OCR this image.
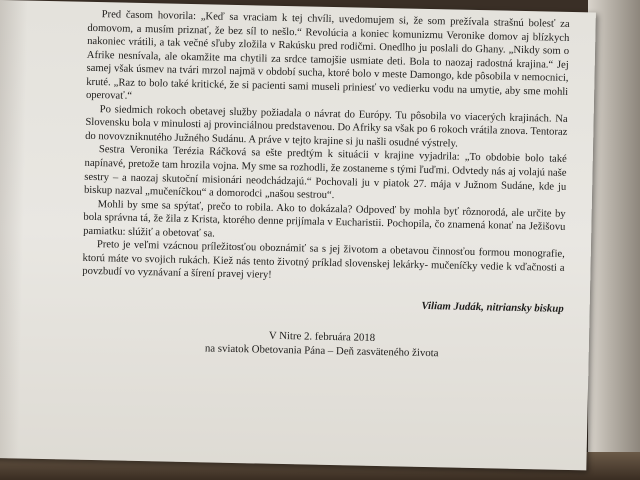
Pred časom hovorila: „Keď sa vraciam k tej chvíli, uvedomujem si, že som prežívala strašnú bolesť za domovom, a musím priznať, že bez síl to nešlo.“ Revolúcia a koniec komunizmu Veronike domov aj blízkych nakoniec vrátili, a tak večné sľuby zložila v Rakúsku pred rodičmi. Onedlho ju poslali do Ghany. „Nikdy som o Afrike nesnívala, ale okamžite ma chytili za srdce tamojšie usmiate deti. Bola to naozaj radostná krajina.“ Jej samej však úsmev na tvári mrzol najmä v období sucha, ktoré bolo v meste Damongo, kde pôsobila v nemocnici, kruté. „Raz to bolo také kritické, že si pacienti sami museli priniesť vo vedierku vodu na umytie, aby sme mohli operovať.“

Po siedmich rokoch obetavej služby požiadala o návrat do Európy. Tu pôsobila vo viacerých krajinách. Na Slovensku bola v minulosti aj provinciálnou predstavenou. Do Afriky sa však po 6 rokoch vrátila znova. Tentoraz do novovzniknutého Južného Sudánu. A práve v tejto krajine si ju našli osudné výstrely.

Sestra Veronika Terézia Ráčková sa ešte predtým k situácii v krajine vyjadrila: „To obdobie bolo také napínavé, pretože tam hrozila vojna. My sme sa rozhodli, že zostaneme s tými ľuďmi. Odvtedy nás aj volajú naše sestry – a naozaj skutoční misionári neodchádzajú.“ Pochovali ju v piatok 27. mája v Južnom Sudáne, kde ju biskup nazval „mučeníčkou“ a domorodci „našou sestrou“.

Mohli by sme sa spýtať, prečo to robila. Ako to dokázala? Odpoveď by mohla byť rôznorodá, ale určite by bola správna tá, že žila z Krista, ktorého denne prijímala v Eucharistii. Pochopila, čo znamená konať na Ježišovu pamiatku: slúžiť a obetovať sa.

Preto je veľmi vzácnou príležitosťou oboznámiť sa s jej životom a obetavou činnosťou formou monografie, ktorú máte vo svojich rukách. Kiež nás tento životný príklad slovenskej lekárky- mučeníčky vedie k vďačnosti a povzbudí vo vyznávaní a šírení pravej viery!

Viliam Judák, nitriansky biskup

V Nitre 2. februára 2018

na sviatok Obetovania Pána – Deň zasväteného života
